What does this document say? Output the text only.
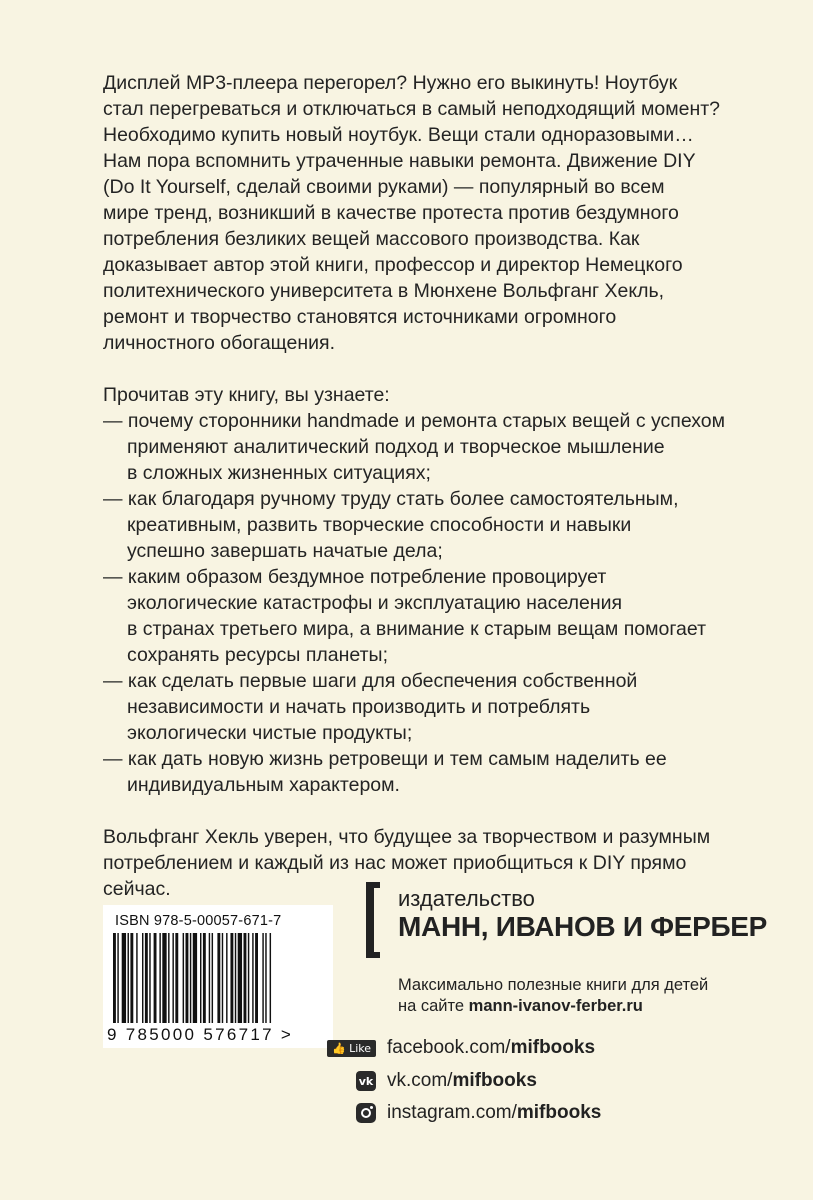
Дисплей MP3-плеера перегорел? Нужно его выкинуть! Ноутбук
стал перегреваться и отключаться в самый неподходящий момент?
Необходимо купить новый ноутбук. Вещи стали одноразовыми…
Нам пора вспомнить утраченные навыки ремонта. Движение DIY
(Do It Yourself, сделай своими руками) — популярный во всем
мире тренд, возникший в качестве протеста против бездумного
потребления безликих вещей массового производства. Как
доказывает автор этой книги, профессор и директор Немецкого
политехнического университета в Мюнхене Вольфганг Хекль,
ремонт и творчество становятся источниками огромного
личностного обогащения.

Прочитав эту книгу, вы узнаете:

— почему сторонники handmade и ремонта старых вещей с успехом
применяют аналитический подход и творческое мышление
в сложных жизненных ситуациях;
— как благодаря ручному труду стать более самостоятельным,
креативным, развить творческие способности и навыки
успешно завершать начатые дела;
— каким образом бездумное потребление провоцирует
экологические катастрофы и эксплуатацию населения
в странах третьего мира, а внимание к старым вещам помогает
сохранять ресурсы планеты;
— как сделать первые шаги для обеспечения собственной
независимости и начать производить и потреблять
экологически чистые продукты;
— как дать новую жизнь ретровещи и тем самым наделить ее
индивидуальным характером.

Вольфганг Хекль уверен, что будущее за творчеством и разумным
потреблением и каждый из нас может приобщиться к DIY прямо
сейчас.

ISBN 978-5-00057-671-7
9 785000 576717 >
издательство
МАНН, ИВАНОВ И ФЕРБЕР
Максимально полезные книги для детей
на сайте mann-ivanov-ferber.ru
👍 Like facebook.com/mifbooks
vk vk.com/mifbooks
instagram.com/mifbooks
